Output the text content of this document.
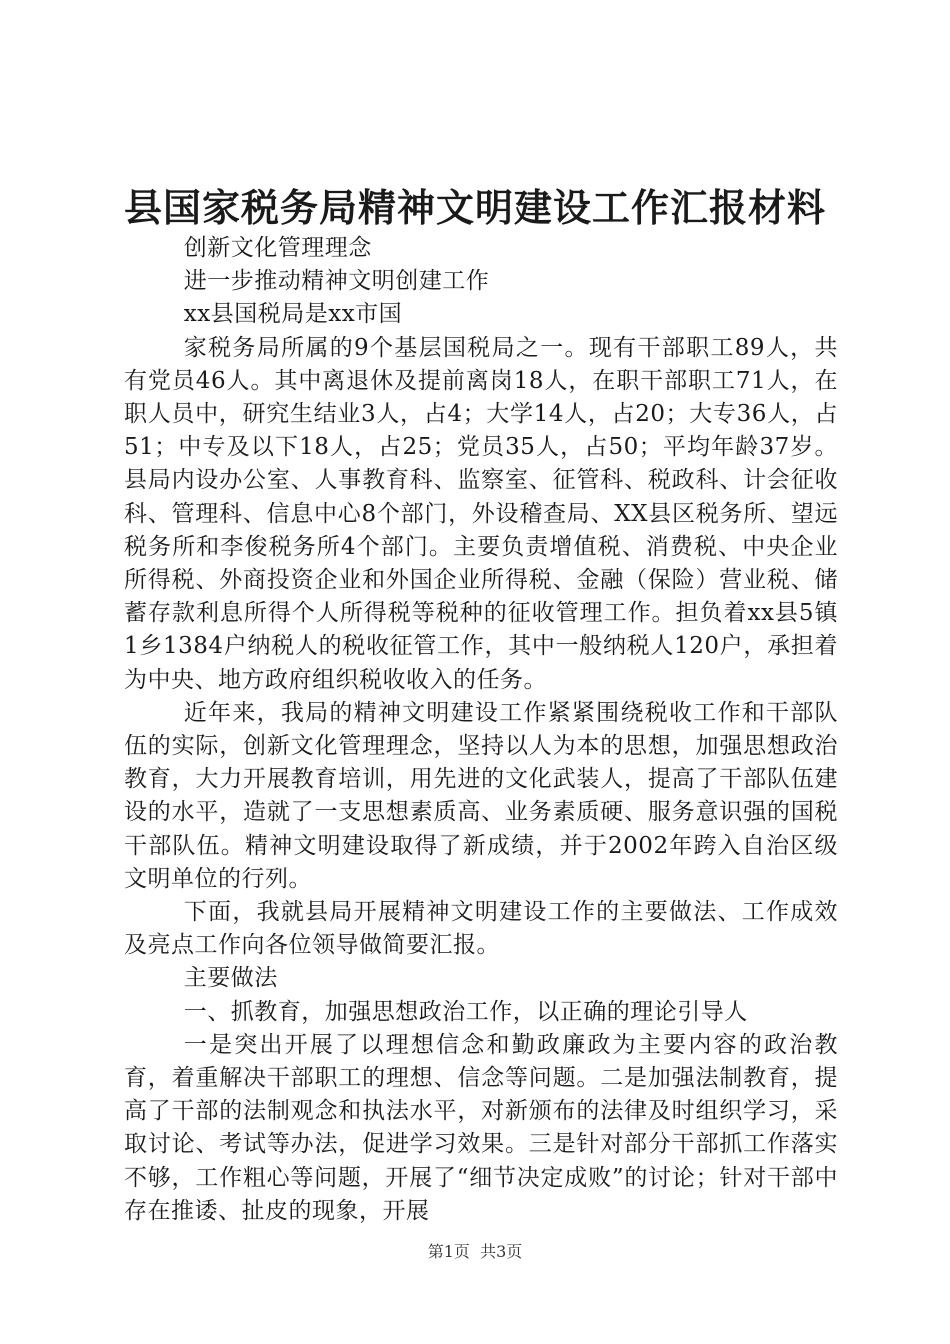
县国家税务局精神文明建设工作汇报材料

创新文化管理理念

进一步推动精神文明创建工作

xx县国税局是xx市国

家税务局所属的9个基层国税局之一。现有干部职工89人，共有党员46人。其中离退休及提前离岗18人，在职干部职工71人，在职人员中，研究生结业3人，占4；大学14人，占20；大专36人，占51；中专及以下18人，占25；党员35人，占50；平均年龄37岁。县局内设办公室、人事教育科、监察室、征管科、税政科、计会征收科、管理科、信息中心8个部门，外设稽查局、XX县区税务所、望远税务所和李俊税务所4个部门。主要负责增值税、消费税、中央企业所得税、外商投资企业和外国企业所得税、金融（保险）营业税、储蓄存款利息所得个人所得税等税种的征收管理工作。担负着xx县5镇1乡1384户纳税人的税收征管工作，其中一般纳税人120户，承担着为中央、地方政府组织税收收入的任务。

近年来，我局的精神文明建设工作紧紧围绕税收工作和干部队伍的实际，创新文化管理理念，坚持以人为本的思想，加强思想政治教育，大力开展教育培训，用先进的文化武装人，提高了干部队伍建设的水平，造就了一支思想素质高、业务素质硬、服务意识强的国税干部队伍。精神文明建设取得了新成绩，并于2002年跨入自治区级文明单位的行列。

下面，我就县局开展精神文明建设工作的主要做法、工作成效及亮点工作向各位领导做简要汇报。

主要做法

一、抓教育，加强思想政治工作，以正确的理论引导人

一是突出开展了以理想信念和勤政廉政为主要内容的政治教育，着重解决干部职工的理想、信念等问题。二是加强法制教育，提高了干部的法制观念和执法水平，对新颁布的法律及时组织学习，采取讨论、考试等办法，促进学习效果。三是针对部分干部抓工作落实不够，工作粗心等问题，开展了“细节决定成败”的讨论；针对干部中存在推诿、扯皮的现象，开展

第1页 共3页
